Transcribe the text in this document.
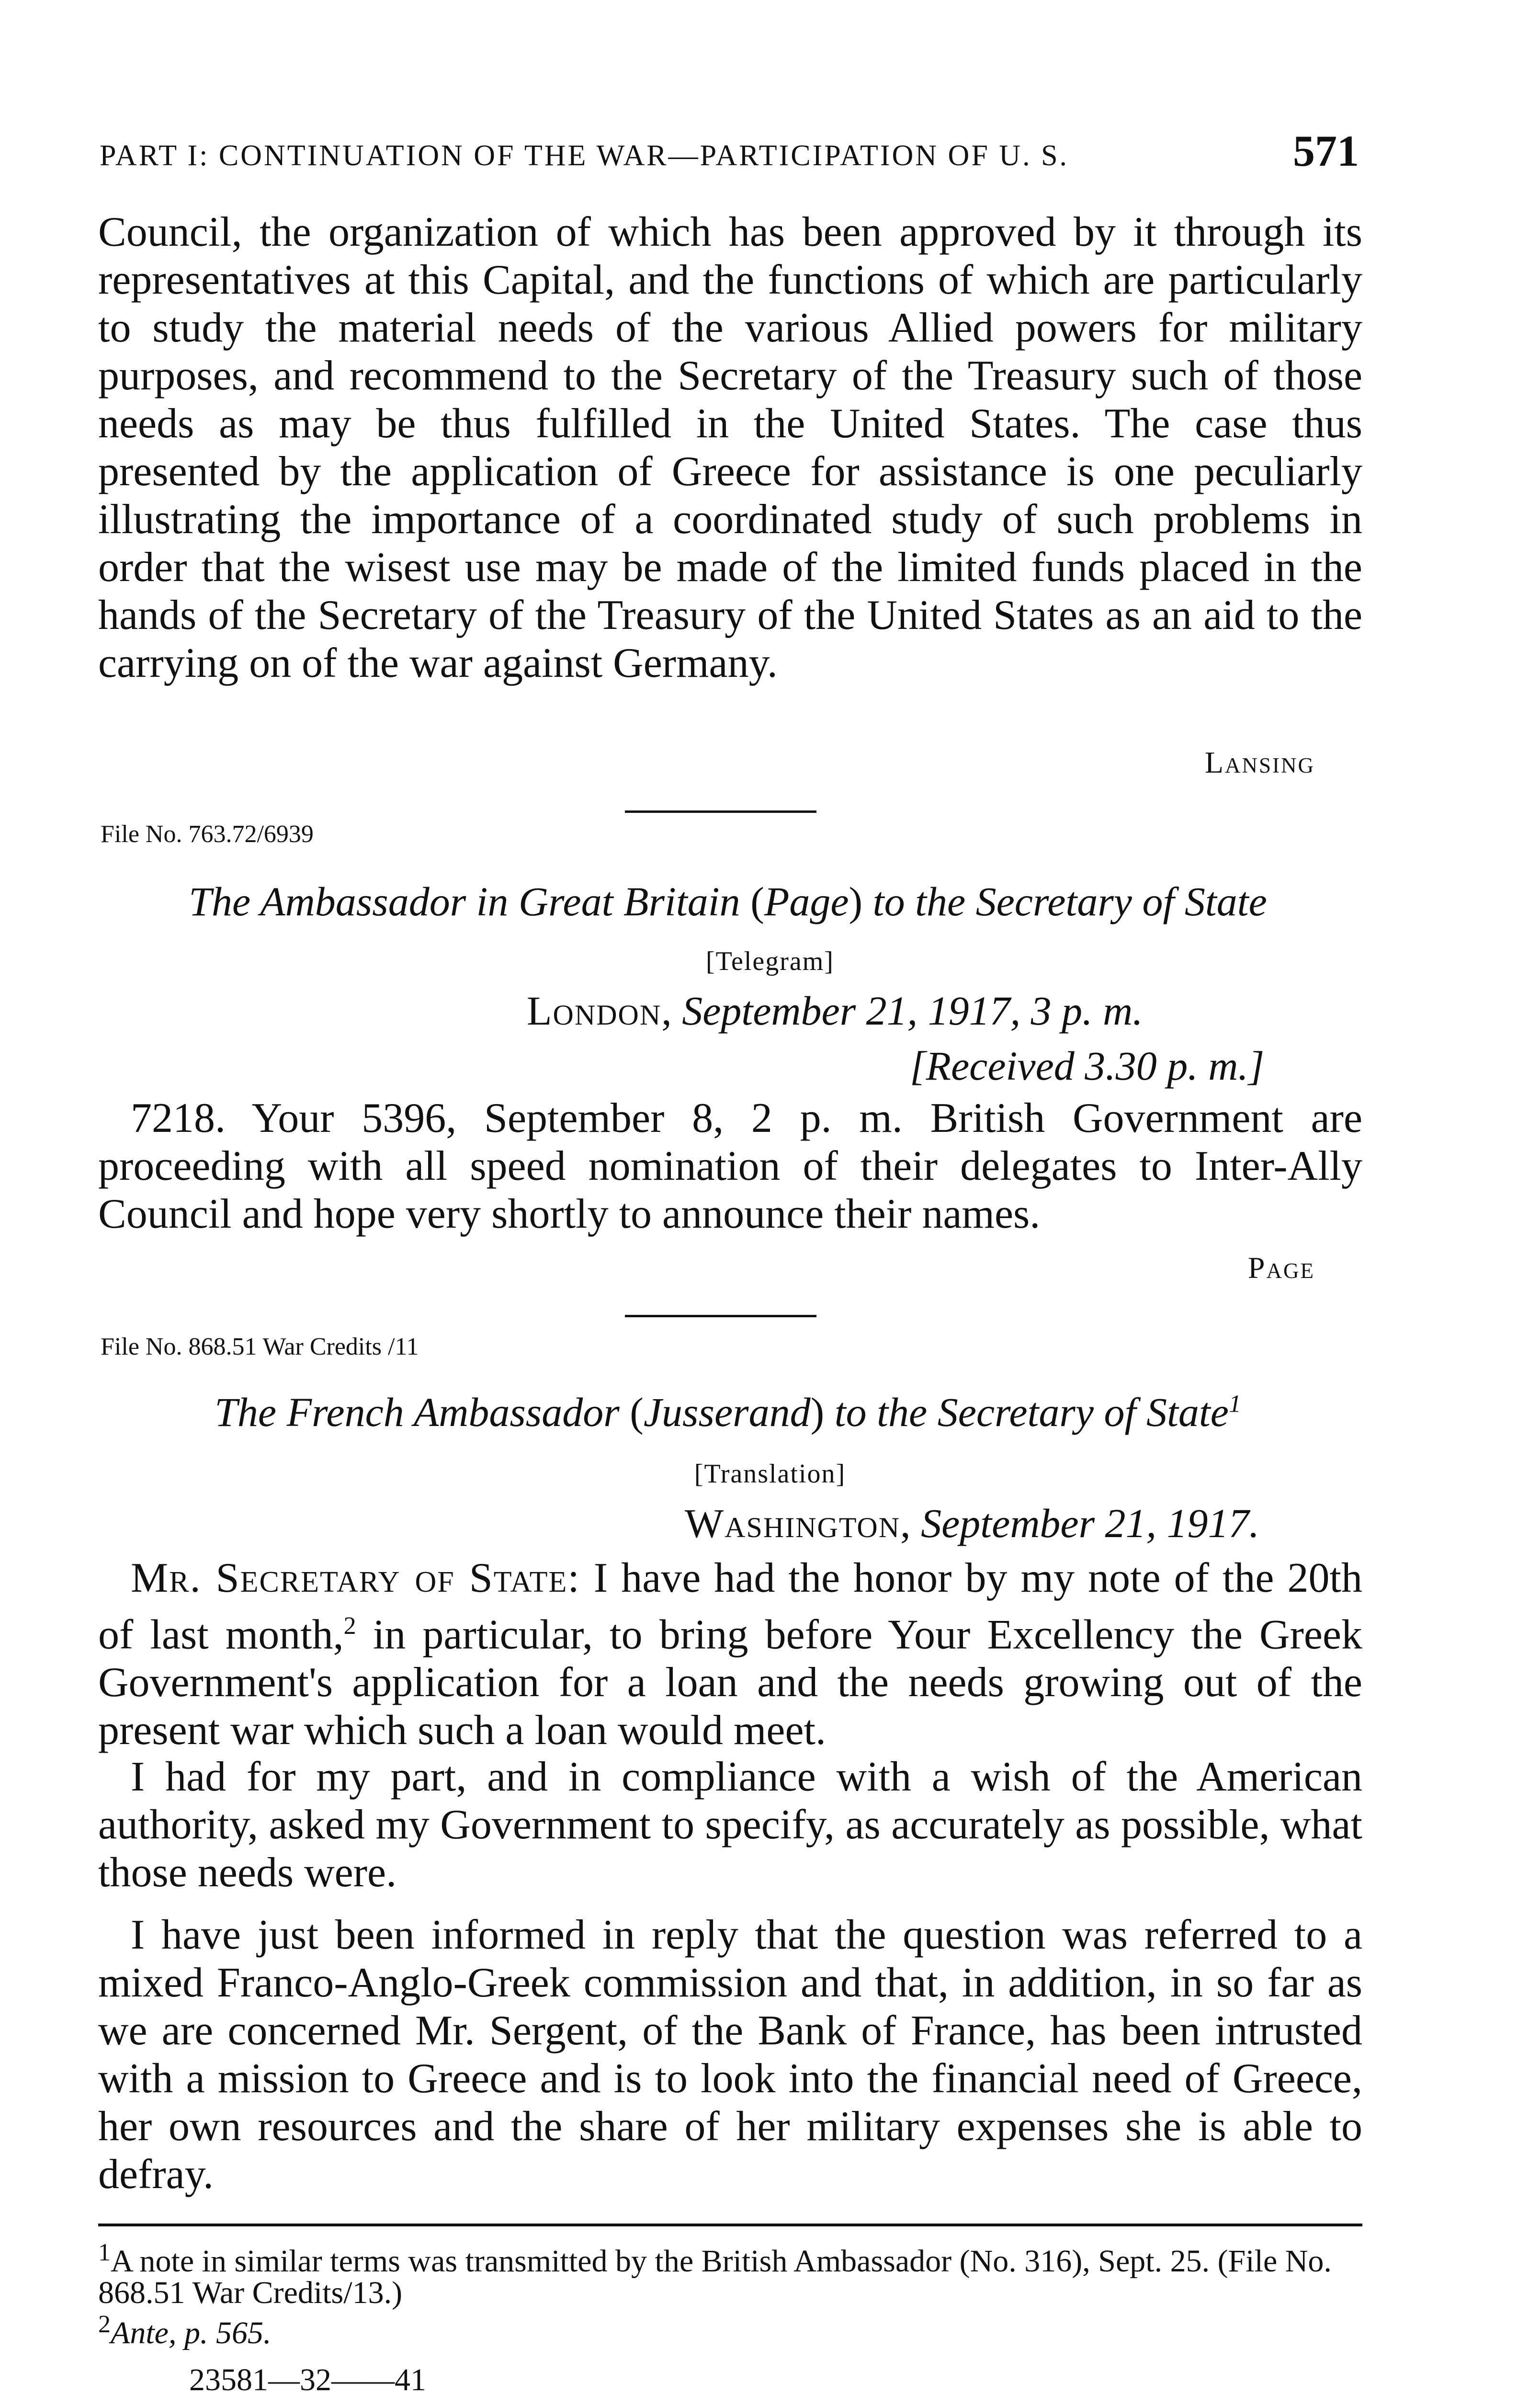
PART I: CONTINUATION OF THE WAR—PARTICIPATION OF U. S.	571

Council, the organization of which has been approved by it through its representatives at this Capital, and the functions of which are particularly to study the material needs of the various Allied powers for military purposes, and recommend to the Secretary of the Treasury such of those needs as may be thus fulfilled in the United States. The case thus presented by the application of Greece for assistance is one peculiarly illustrating the importance of a coordinated study of such problems in order that the wisest use may be made of the limited funds placed in the hands of the Secretary of the Treasury of the United States as an aid to the carrying on of the war against Germany.

Lansing
File No. 763.72/6939
The Ambassador in Great Britain (Page) to the Secretary of State
[Telegram]
London, September 21, 1917, 3 p. m.
[Received 3.30 p. m.]

7218. Your 5396, September 8, 2 p. m. British Government are proceeding with all speed nomination of their delegates to Inter-Ally Council and hope very shortly to announce their names.

Page
File No. 868.51 War Credits /11
The French Ambassador (Jusserand) to the Secretary of State$^1$
[Translation]
Washington, September 21, 1917.

Mr. Secretary of State: I have had the honor by my note of the 20th of last month,$^2$ in particular, to bring before Your Excellency the Greek Government's application for a loan and the needs growing out of the present war which such a loan would meet.

I had for my part, and in compliance with a wish of the American authority, asked my Government to specify, as accurately as possible, what those needs were.

I have just been informed in reply that the question was referred to a mixed Franco-Anglo-Greek commission and that, in addition, in so far as we are concerned Mr. Sergent, of the Bank of France, has been intrusted with a mission to Greece and is to look into the financial need of Greece, her own resources and the share of her military expenses she is able to defray.

$^1$A note in similar terms was transmitted by the British Ambassador (No. 316), Sept. 25. (File No. 868.51 War Credits/13.)

$^2$Ante, p. 565.

23581—32——41
